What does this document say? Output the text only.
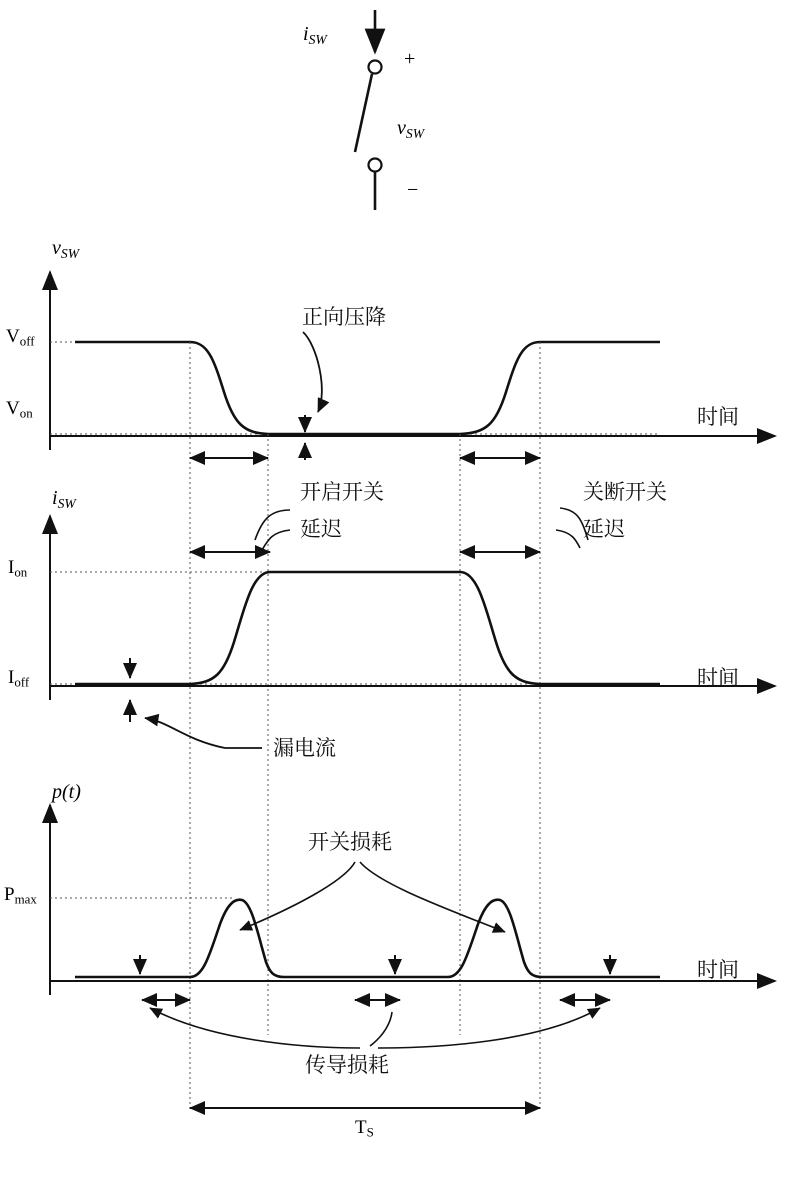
iSW
+
vSW
−
vSW
$V_{off}$
$V_{on}$
正向压降
时间
iSW
$I_{on}$
$I_{off}$
开启开关
延迟
关断开关
延迟
漏电流
时间
p(t)
$P_{max}$
开关损耗
传导损耗
$T_S$
时间
